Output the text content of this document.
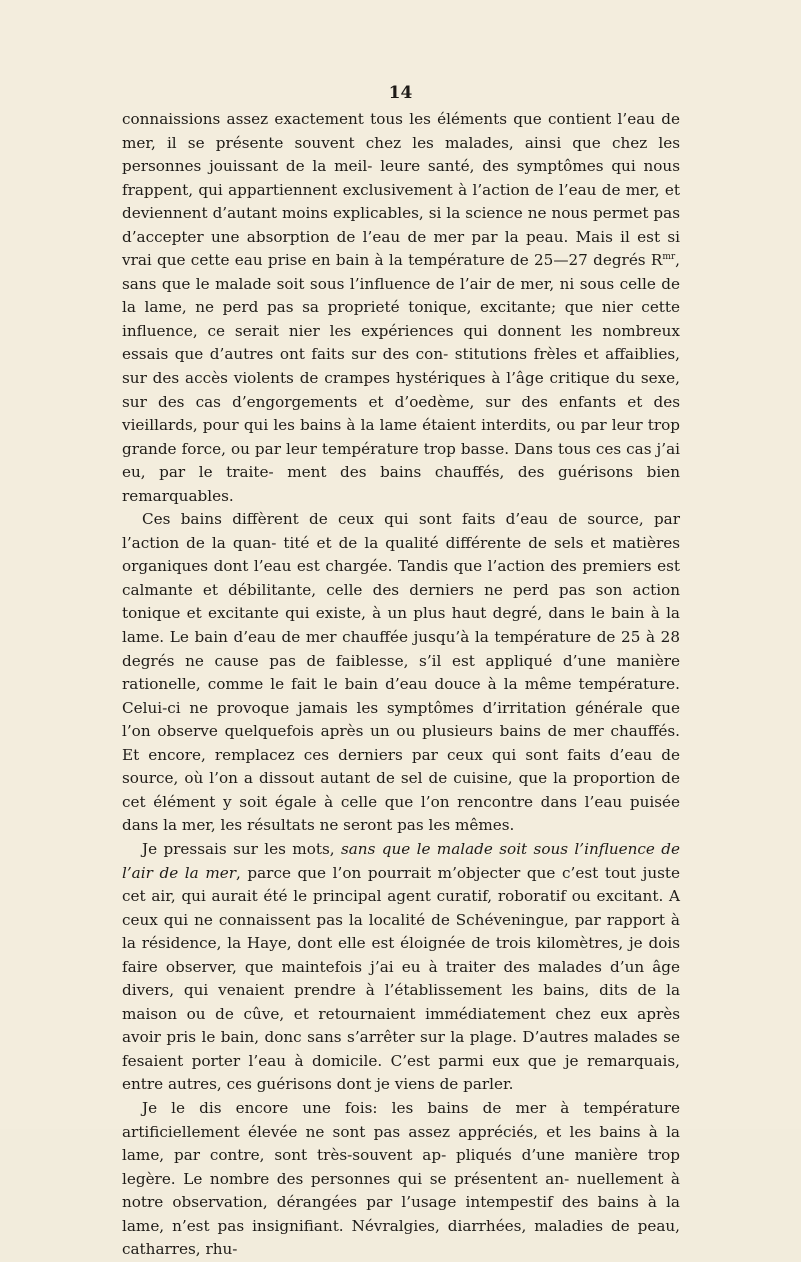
14

connaissions assez exactement tous les éléments que contient l’eau de mer, il se présente souvent chez les malades, ainsi que chez les personnes jouissant de la meil- leure santé, des symptômes qui nous frappent, qui appartiennent exclusivement à l’action de l’eau de mer, et deviennent d’autant moins explicables, si la science ne nous permet pas d’accepter une absorption de l’eau de mer par la peau. Mais il est si vrai que cette eau prise en bain à la température de 25—27 degrés $R^{mr}$, sans que le malade soit sous l’influence de l’air de mer, ni sous celle de la lame, ne perd pas sa proprieté tonique, excitante; que nier cette influence, ce serait nier les expériences qui donnent les nombreux essais que d’autres ont faits sur des con- stitutions frèles et affaiblies, sur des accès violents de crampes hystériques à l’âge critique du sexe, sur des cas d’engorgements et d’oedème, sur des enfants et des vieillards, pour qui les bains à la lame étaient interdits, ou par leur trop grande force, ou par leur température trop basse. Dans tous ces cas j’ai eu, par le traite- ment des bains chauffés, des guérisons bien remarquables.

Ces bains diffèrent de ceux qui sont faits d’eau de source, par l’action de la quan- tité et de la qualité différente de sels et matières organiques dont l’eau est chargée. Tandis que l’action des premiers est calmante et débilitante, celle des derniers ne perd pas son action tonique et excitante qui existe, à un plus haut degré, dans le bain à la lame. Le bain d’eau de mer chauffée jusqu’à la température de 25 à 28 degrés ne cause pas de faiblesse, s’il est appliqué d’une manière rationelle, comme le fait le bain d’eau douce à la même température. Celui-ci ne provoque jamais les symptômes d’irritation générale que l’on observe quelquefois après un ou plusieurs bains de mer chauffés. Et encore, remplacez ces derniers par ceux qui sont faits d’eau de source, où l’on a dissout autant de sel de cuisine, que la proportion de cet élément y soit égale à celle que l’on rencontre dans l’eau puisée dans la mer, les résultats ne seront pas les mêmes.

Je pressais sur les mots, sans que le malade soit sous l’influence de l’air de la mer, parce que l’on pourrait m’objecter que c’est tout juste cet air, qui aurait été le principal agent curatif, roboratif ou excitant. A ceux qui ne connaissent pas la localité de Schéveningue, par rapport à la résidence, la Haye, dont elle est éloignée de trois kilomètres, je dois faire observer, que maintefois j’ai eu à traiter des malades d’un âge divers, qui venaient prendre à l’établissement les bains, dits de la maison ou de cûve, et retournaient immédiatement chez eux après avoir pris le bain, donc sans s’arrêter sur la plage. D’autres malades se fesaient porter l’eau à domicile. C’est parmi eux que je remarquais, entre autres, ces guérisons dont je viens de parler.

Je le dis encore une fois: les bains de mer à température artificiellement élevée ne sont pas assez appréciés, et les bains à la lame, par contre, sont très-souvent ap- pliqués d’une manière trop legère. Le nombre des personnes qui se présentent an- nuellement à notre observation, dérangées par l’usage intempestif des bains à la lame, n’est pas insignifiant. Névralgies, diarrhées, maladies de peau, catharres, rhu-
